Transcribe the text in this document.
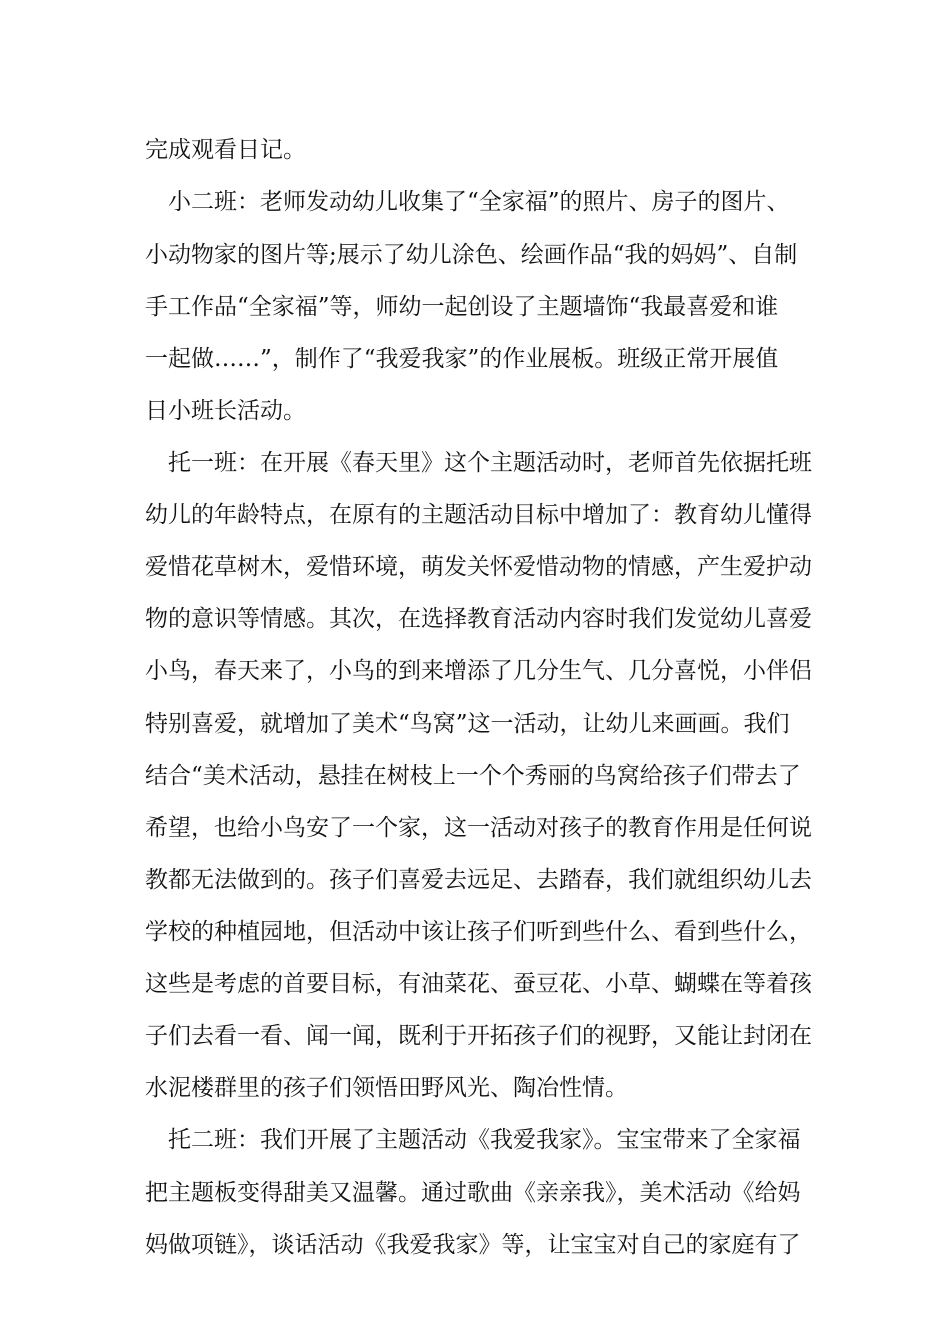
完成观看日记。

小二班：老师发动幼儿收集了“全家福”的照片、房子的图片、

小动物家的图片等;展示了幼儿涂色、绘画作品“我的妈妈”、自制

手工作品“全家福”等，师幼一起创设了主题墙饰“我最喜爱和谁

一起做……”，制作了“我爱我家”的作业展板。班级正常开展值

日小班长活动。

托一班：在开展《春天里》这个主题活动时，老师首先依据托班

幼儿的年龄特点，在原有的主题活动目标中增加了：教育幼儿懂得

爱惜花草树木，爱惜环境，萌发关怀爱惜动物的情感，产生爱护动

物的意识等情感。其次，在选择教育活动内容时我们发觉幼儿喜爱

小鸟，春天来了，小鸟的到来增添了几分生气、几分喜悦，小伴侣

特别喜爱，就增加了美术“鸟窝”这一活动，让幼儿来画画。我们

结合“美术活动，悬挂在树枝上一个个秀丽的鸟窝给孩子们带去了

希望，也给小鸟安了一个家，这一活动对孩子的教育作用是任何说

教都无法做到的。孩子们喜爱去远足、去踏春，我们就组织幼儿去

学校的种植园地，但活动中该让孩子们听到些什么、看到些什么，

这些是考虑的首要目标，有油菜花、蚕豆花、小草、蝴蝶在等着孩

子们去看一看、闻一闻，既利于开拓孩子们的视野，又能让封闭在

水泥楼群里的孩子们领悟田野风光、陶冶性情。

托二班：我们开展了主题活动《我爱我家》。宝宝带来了全家福

把主题板变得甜美又温馨。通过歌曲《亲亲我》，美术活动《给妈

妈做项链》，谈话活动《我爱我家》等，让宝宝对自己的家庭有了
